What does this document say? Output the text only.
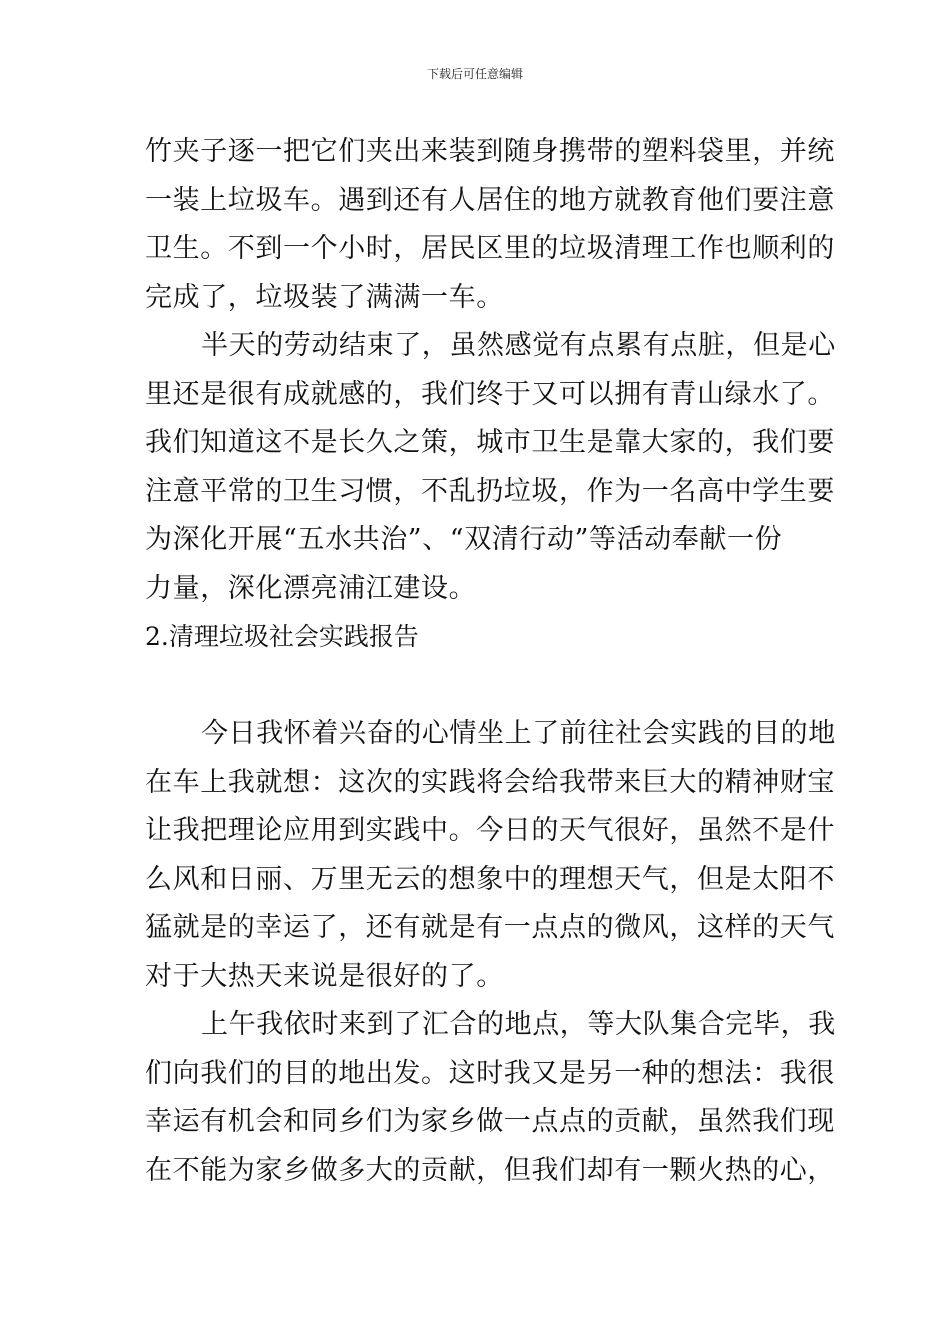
下载后可任意编辑
竹夹子逐一把它们夹出来装到随身携带的塑料袋里，并统
一装上垃圾车。遇到还有人居住的地方就教育他们要注意
卫生。不到一个小时，居民区里的垃圾清理工作也顺利的
完成了，垃圾装了满满一车。
半天的劳动结束了，虽然感觉有点累有点脏，但是心
里还是很有成就感的，我们终于又可以拥有青山绿水了。
我们知道这不是长久之策，城市卫生是靠大家的，我们要
注意平常的卫生习惯，不乱扔垃圾，作为一名高中学生要
为深化开展“五水共治”、“双清行动”等活动奉献一份
力量，深化漂亮浦江建设。
2.清理垃圾社会实践报告
今日我怀着兴奋的心情坐上了前往社会实践的目的地
在车上我就想：这次的实践将会给我带来巨大的精神财宝
让我把理论应用到实践中。今日的天气很好，虽然不是什
么风和日丽、万里无云的想象中的理想天气，但是太阳不
猛就是的幸运了，还有就是有一点点的微风，这样的天气
对于大热天来说是很好的了。
上午我依时来到了汇合的地点，等大队集合完毕，我
们向我们的目的地出发。这时我又是另一种的想法：我很
幸运有机会和同乡们为家乡做一点点的贡献，虽然我们现
在不能为家乡做多大的贡献，但我们却有一颗火热的心，
